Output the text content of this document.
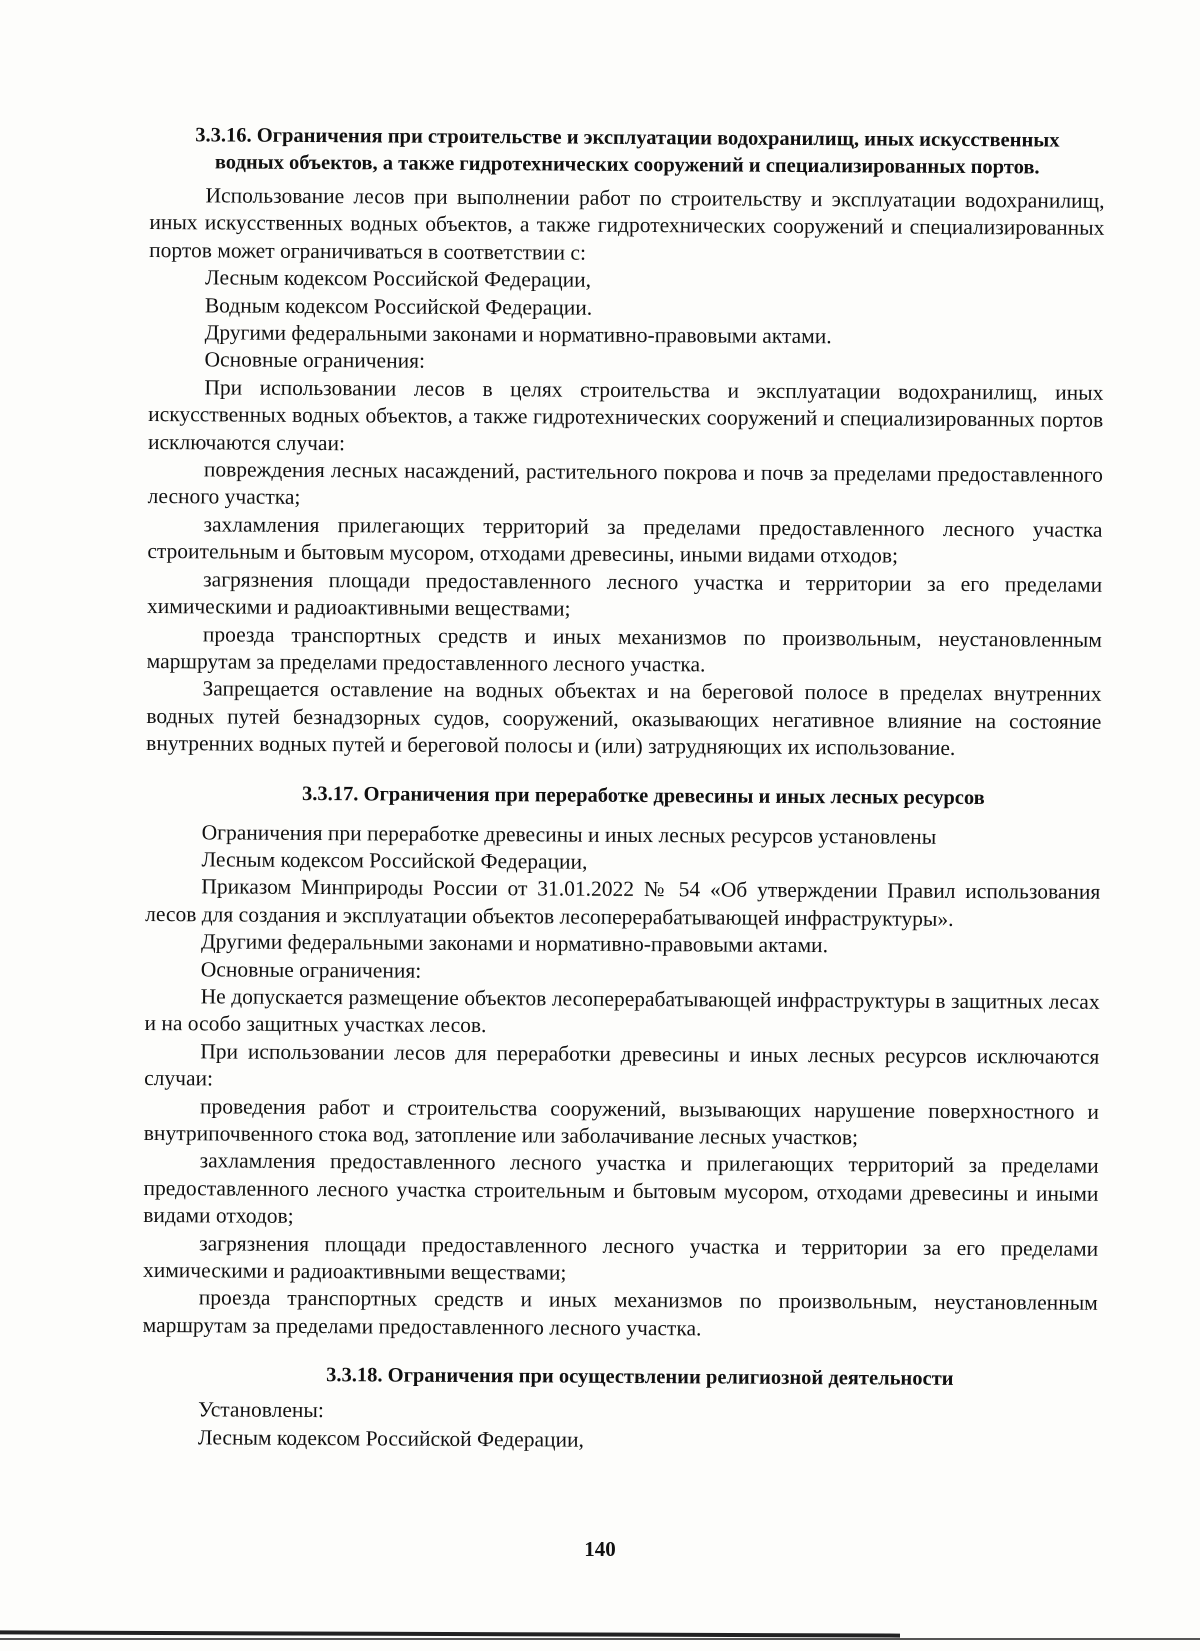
3.3.16. Ограничения при строительстве и эксплуатации водохранилищ, иных искусственных водных объектов, а также гидротехнических сооружений и специализированных портов.

Использование лесов при выполнении работ по строительству и эксплуатации водохранилищ, иных искусственных водных объектов, а также гидротехнических сооружений и специализированных портов может ограничиваться в соответствии с:

Лесным кодексом Российской Федерации,

Водным кодексом Российской Федерации.

Другими федеральными законами и нормативно-правовыми актами.

Основные ограничения:

При использовании лесов в целях строительства и эксплуатации водохранилищ, иных искусственных водных объектов, а также гидротехнических сооружений и специализированных портов исключаются случаи:

повреждения лесных насаждений, растительного покрова и почв за пределами предоставленного лесного участка;

захламления прилегающих территорий за пределами предоставленного лесного участка строительным и бытовым мусором, отходами древесины, иными видами отходов;

загрязнения площади предоставленного лесного участка и территории за его пределами химическими и радиоактивными веществами;

проезда транспортных средств и иных механизмов по произвольным, неустановленным маршрутам за пределами предоставленного лесного участка.

Запрещается оставление на водных объектах и на береговой полосе в пределах внутренних водных путей безнадзорных судов, сооружений, оказывающих негативное влияние на состояние внутренних водных путей и береговой полосы и (или) затрудняющих их использование.

3.3.17. Ограничения при переработке древесины и иных лесных ресурсов

Ограничения при переработке древесины и иных лесных ресурсов установлены

Лесным кодексом Российской Федерации,

Приказом Минприроды России от 31.01.2022 № 54 «Об утверждении Правил использования лесов для создания и эксплуатации объектов лесоперерабатывающей инфраструктуры».

Другими федеральными законами и нормативно-правовыми актами.

Основные ограничения:

Не допускается размещение объектов лесоперерабатывающей инфраструктуры в защитных лесах и на особо защитных участках лесов.

При использовании лесов для переработки древесины и иных лесных ресурсов исключаются случаи:

проведения работ и строительства сооружений, вызывающих нарушение поверхностного и внутрипочвенного стока вод, затопление или заболачивание лесных участков;

захламления предоставленного лесного участка и прилегающих территорий за пределами предоставленного лесного участка строительным и бытовым мусором, отходами древесины и иными видами отходов;

загрязнения площади предоставленного лесного участка и территории за его пределами химическими и радиоактивными веществами;

проезда транспортных средств и иных механизмов по произвольным, неустановленным маршрутам за пределами предоставленного лесного участка.

3.3.18. Ограничения при осуществлении религиозной деятельности

Установлены:

Лесным кодексом Российской Федерации,

140
